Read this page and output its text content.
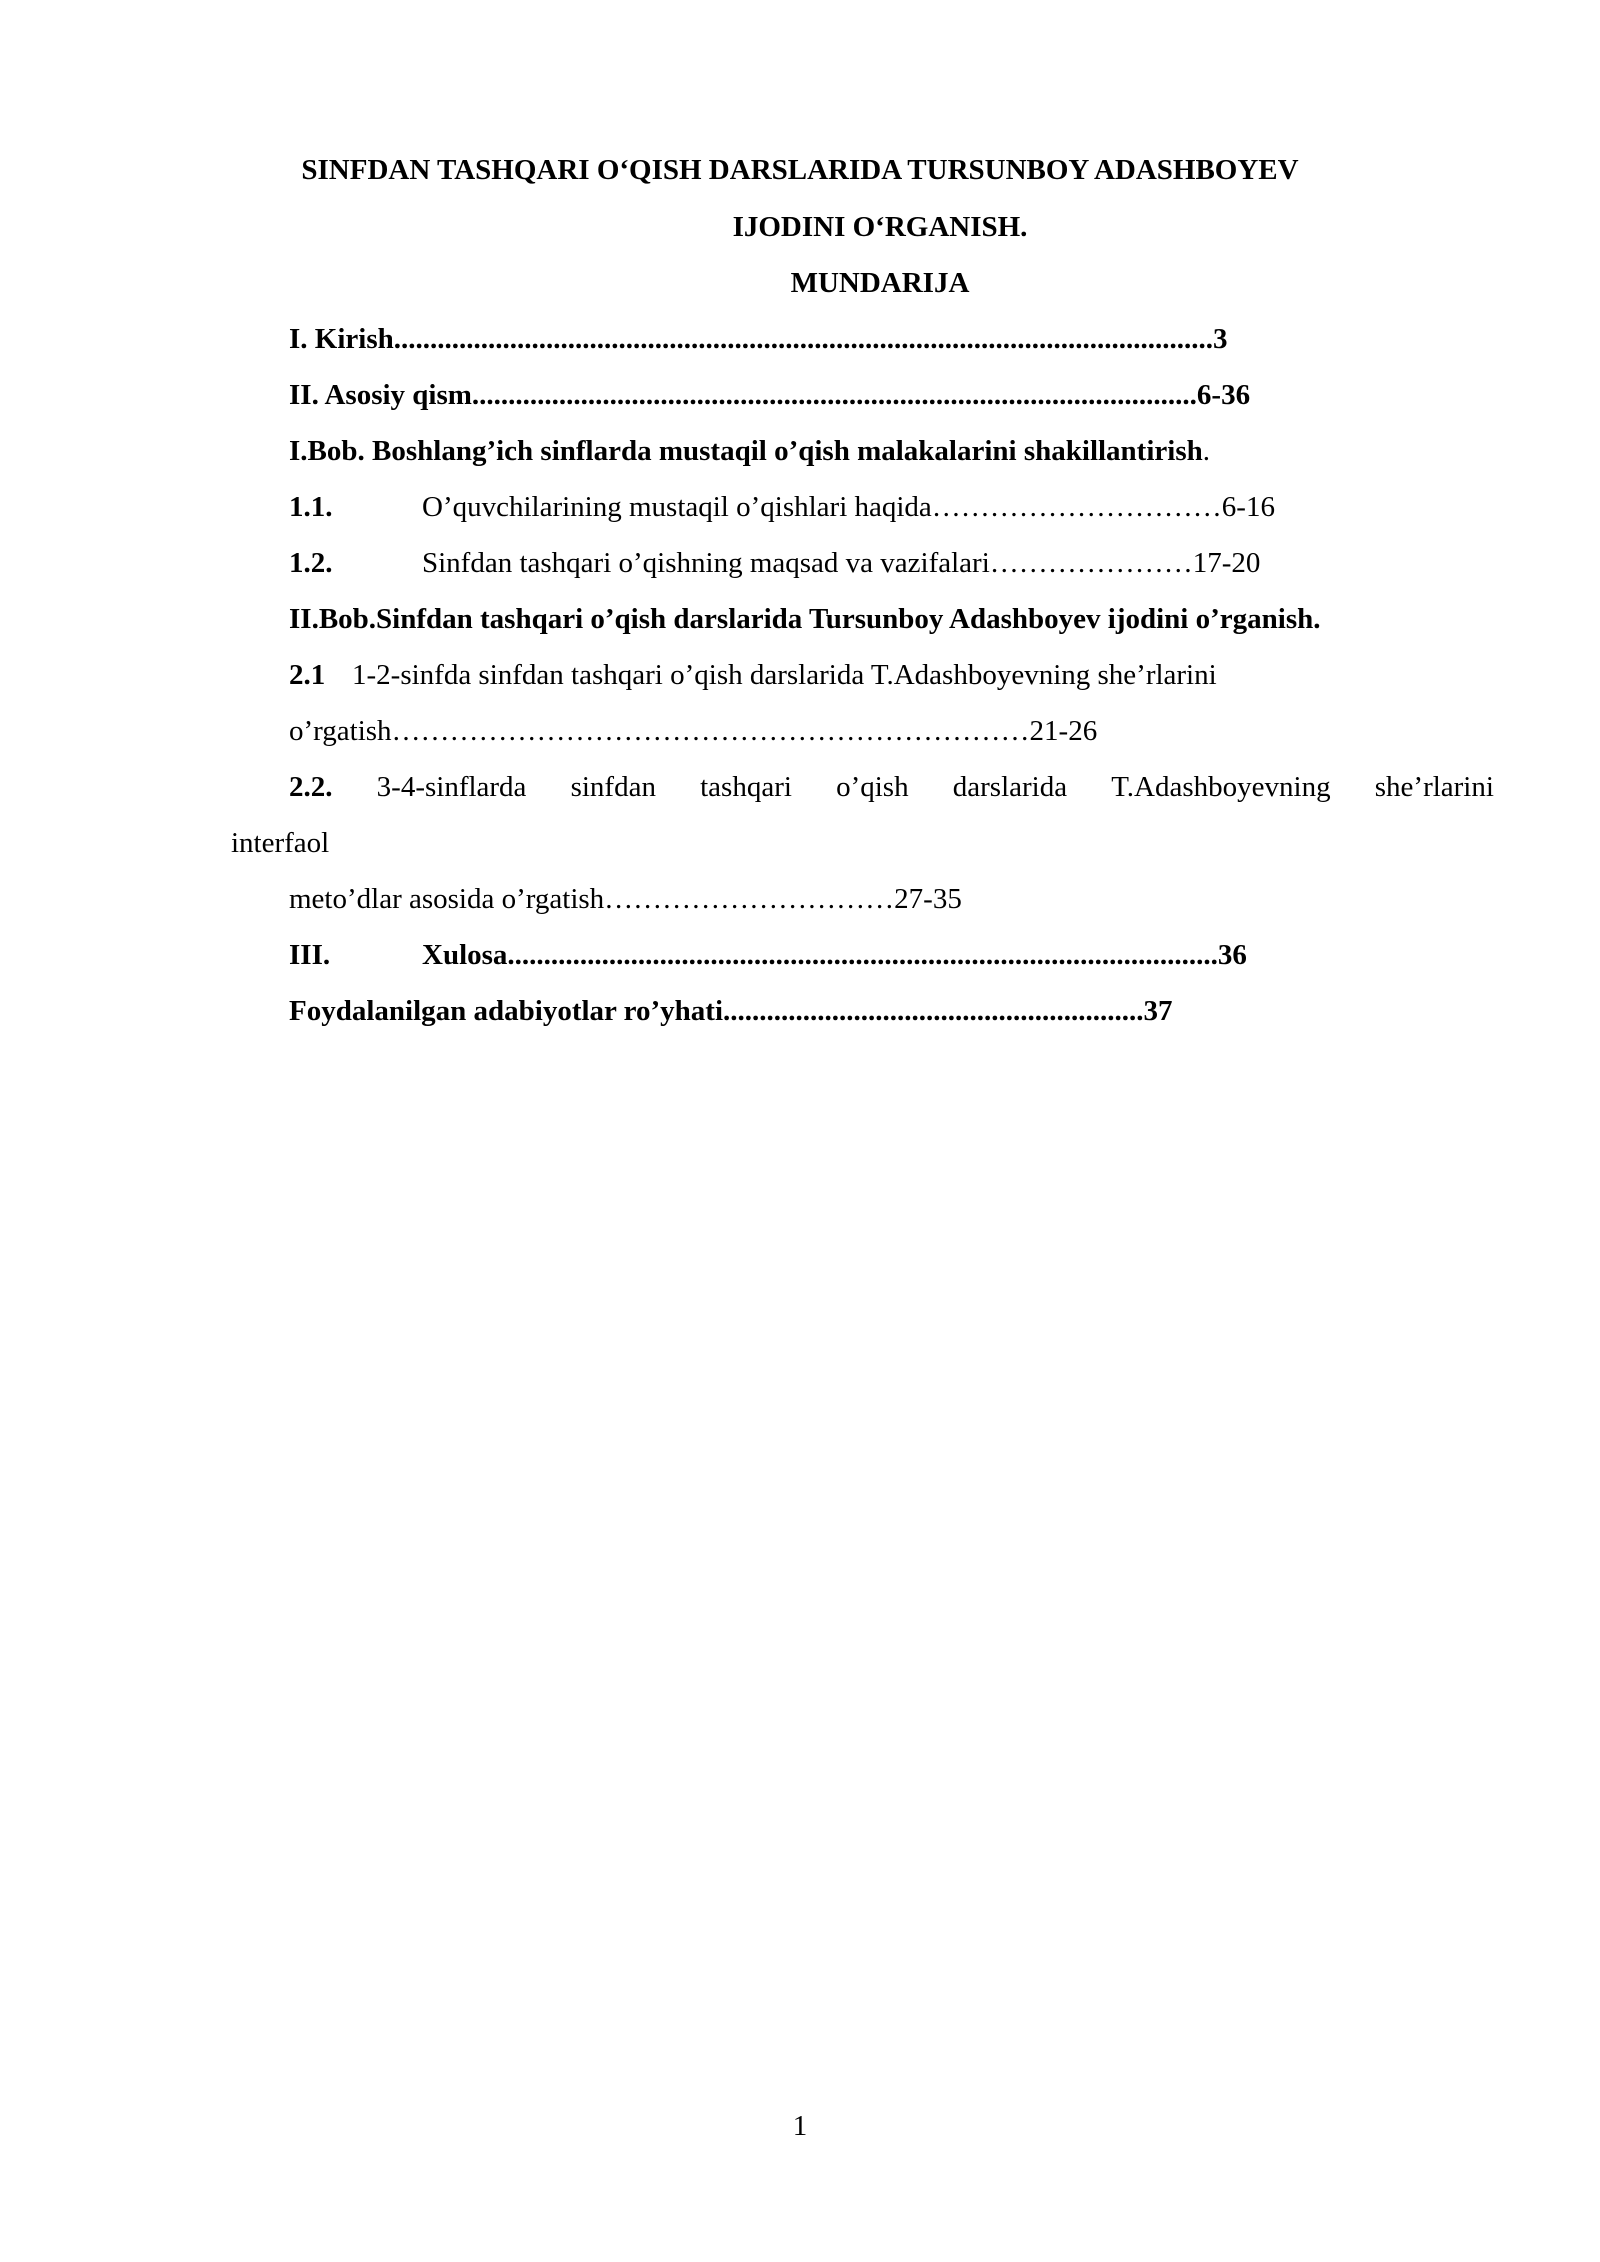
SINFDAN TASHQARI O‘QISH DARSLARIDA TURSUNBOY ADASHBOYEV
IJODINI O‘RGANISH.
MUNDARIJA
I. Kirish.................................................................................................................3
II. Asosiy qism....................................................................................................6-36
I.Bob. Boshlang’ich sinflarda mustaqil o’qish malakalarini shakillantirish.
1.1.	O’quvchilarining mustaqil o’qishlari haqida…………………………6-16
1.2.	Sinfdan tashqari o’qishning maqsad va vazifalari…………………17-20
II.Bob.Sinfdan tashqari o’qish darslarida Tursunboy Adashboyev ijodini o’rganish.
2.1 1-2-sinfda sinfdan tashqari o’qish darslarida T.Adashboyevning she’rlarini
o’rgatish…………………………………………………………21-26
2.2. 3-4-sinflarda sinfdan tashqari o’qish darslarida T.Adashboyevning she’rlarini
interfaol
meto’dlar asosida o’rgatish…………………………27-35
III.	Xulosa..................................................................................................36
Foydalanilgan adabiyotlar ro’yhati..........................................................37
1
